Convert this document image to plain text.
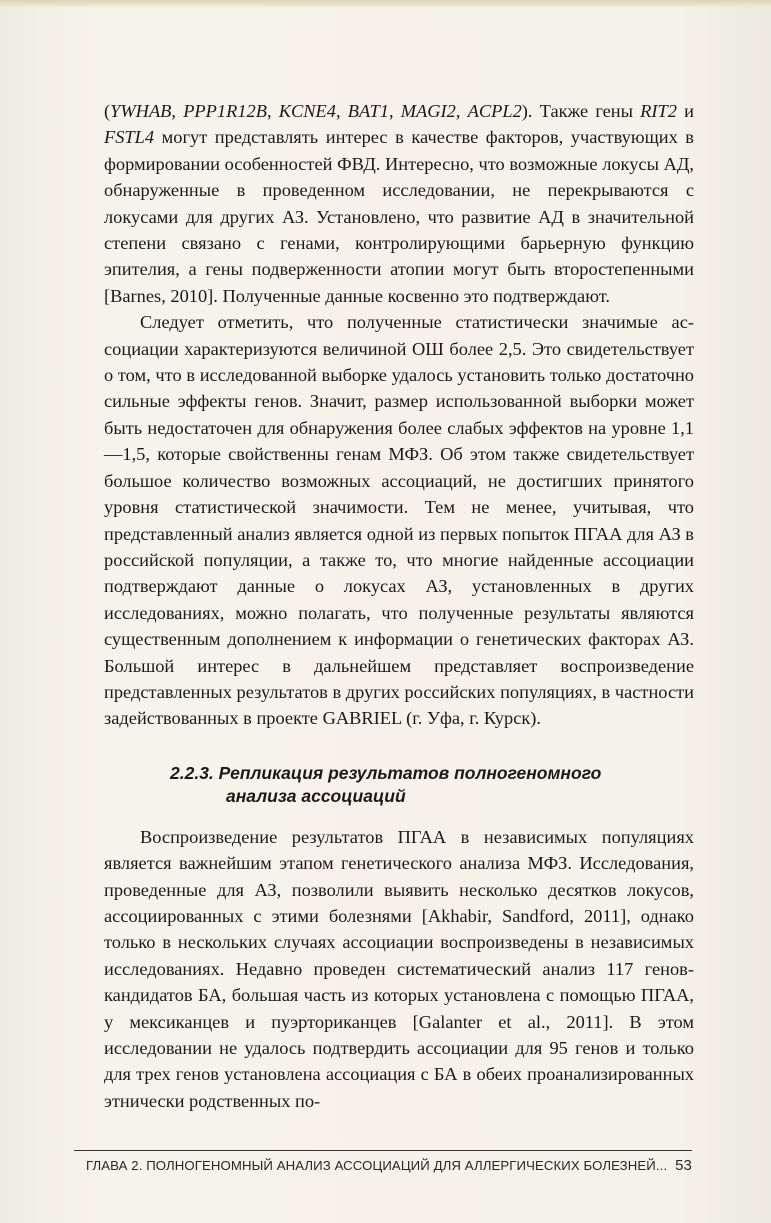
(YWHAB, PPP1R12B, KCNE4, BAT1, MAGI2, ACPL2). Также гены RIT2 и FSTL4 могут представлять интерес в качестве факторов, участвующих в формировании особенностей ФВД. Интересно, что возможные локусы АД, обнаруженные в проведенном исследовании, не перекрываются с локусами для других АЗ. Установлено, что развитие АД в значительной степени связано с генами, контролирующими барьерную функцию эпителия, а гены подверженности атопии могут быть второстепенными [Barnes, 2010]. Полученные данные косвенно это подтверждают.

Следует отметить, что полученные статистически значимые ассоциации характеризуются величиной ОШ более 2,5. Это свидетельствует о том, что в исследованной выборке удалось установить только достаточно сильные эффекты генов. Значит, размер использованной выборки может быть недостаточен для обнаружения более слабых эффектов на уровне 1,1—1,5, которые свойственны генам МФЗ. Об этом также свидетельствует большое количество возможных ассоциаций, не достигших принятого уровня статистической значимости. Тем не менее, учитывая, что представленный анализ является одной из первых попыток ПГАА для АЗ в российской популяции, а также то, что многие найденные ассоциации подтверждают данные о локусах АЗ, установленных в других исследованиях, можно полагать, что полученные результаты являются существенным дополнением к информации о генетических факторах АЗ. Большой интерес в дальнейшем представляет воспроизведение представленных результатов в других российских популяциях, в частности задействованных в проекте GABRIEL (г. Уфа, г. Курск).

2.2.3. Репликация результатов полногеномного
анализа ассоциаций

Воспроизведение результатов ПГАА в независимых популяциях является важнейшим этапом генетического анализа МФЗ. Исследования, проведенные для АЗ, позволили выявить несколько десятков локусов, ассоциированных с этими болезнями [Akhabir, Sandford, 2011], однако только в нескольких случаях ассоциации воспроизведены в независимых исследованиях. Недавно проведен систематический анализ 117 генов-кандидатов БА, большая часть из которых установлена с помощью ПГАА, у мексиканцев и пуэрториканцев [Galanter et al., 2011]. В этом исследовании не удалось подтвердить ассоциации для 95 генов и только для трех генов установлена ассоциация с БА в обеих проанализированных этнически родственных по-

ГЛАВА 2. ПОЛНОГЕНОМНЫЙ АНАЛИЗ АССОЦИАЦИЙ ДЛЯ АЛЛЕРГИЧЕСКИХ БОЛЕЗНЕЙ... 53
